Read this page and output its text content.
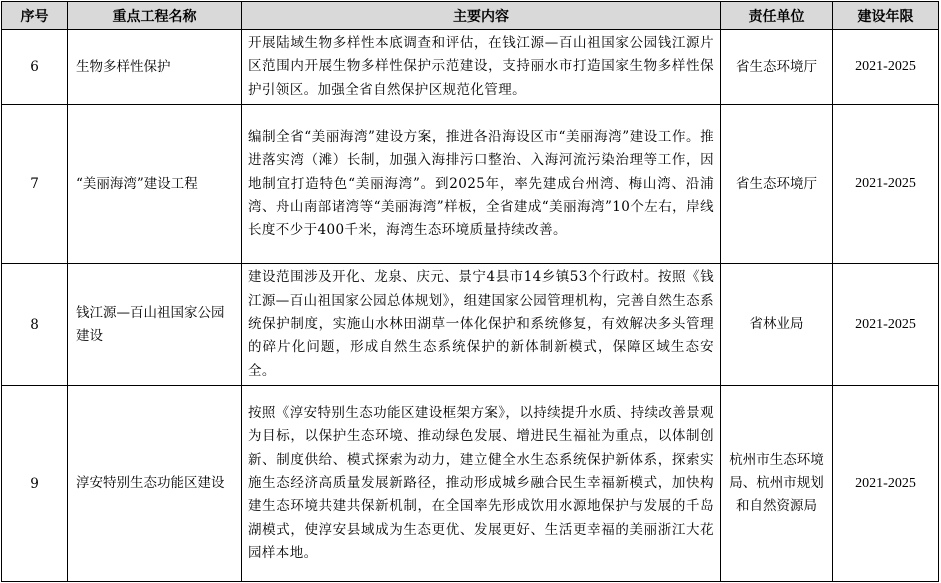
序号	重点工程名称	主要内容	责任单位	建设年限
6	生物多样性保护	开展陆域生物多样性本底调查和评估，在钱江源—百山祖国家公园钱江源片区范围内开展生物多样性保护示范建设，支持丽水市打造国家生物多样性保护引领区。加强全省自然保护区规范化管理。	省生态环境厅	2021-2025
7	“美丽海湾”建设工程	编制全省“美丽海湾”建设方案，推进各沿海设区市“美丽海湾”建设工作。推进落实湾（滩）长制，加强入海排污口整治、入海河流污染治理等工作，因地制宜打造特色“美丽海湾”。到2025年，率先建成台州湾、梅山湾、沿浦湾、舟山南部诸湾等“美丽海湾”样板，全省建成“美丽海湾”10个左右，岸线长度不少于400千米，海湾生态环境质量持续改善。	省生态环境厅	2021-2025
8	钱江源—百山祖国家公园建设	建设范围涉及开化、龙泉、庆元、景宁4县市14乡镇53个行政村。按照《钱江源—百山祖国家公园总体规划》，组建国家公园管理机构，完善自然生态系统保护制度，实施山水林田湖草一体化保护和系统修复，有效解决多头管理的碎片化问题，形成自然生态系统保护的新体制新模式，保障区域生态安全。	省林业局	2021-2025
9	淳安特别生态功能区建设	按照《淳安特别生态功能区建设框架方案》，以持续提升水质、持续改善景观为目标，以保护生态环境、推动绿色发展、增进民生福祉为重点，以体制创新、制度供给、模式探索为动力，建立健全水生态系统保护新体系，探索实施生态经济高质量发展新路径，推动形成城乡融合民生幸福新模式，加快构建生态环境共建共保新机制，在全国率先形成饮用水源地保护与发展的千岛湖模式，使淳安县域成为生态更优、发展更好、生活更幸福的美丽浙江大花园样本地。	杭州市生态环境局、杭州市规划和自然资源局	2021-2025
